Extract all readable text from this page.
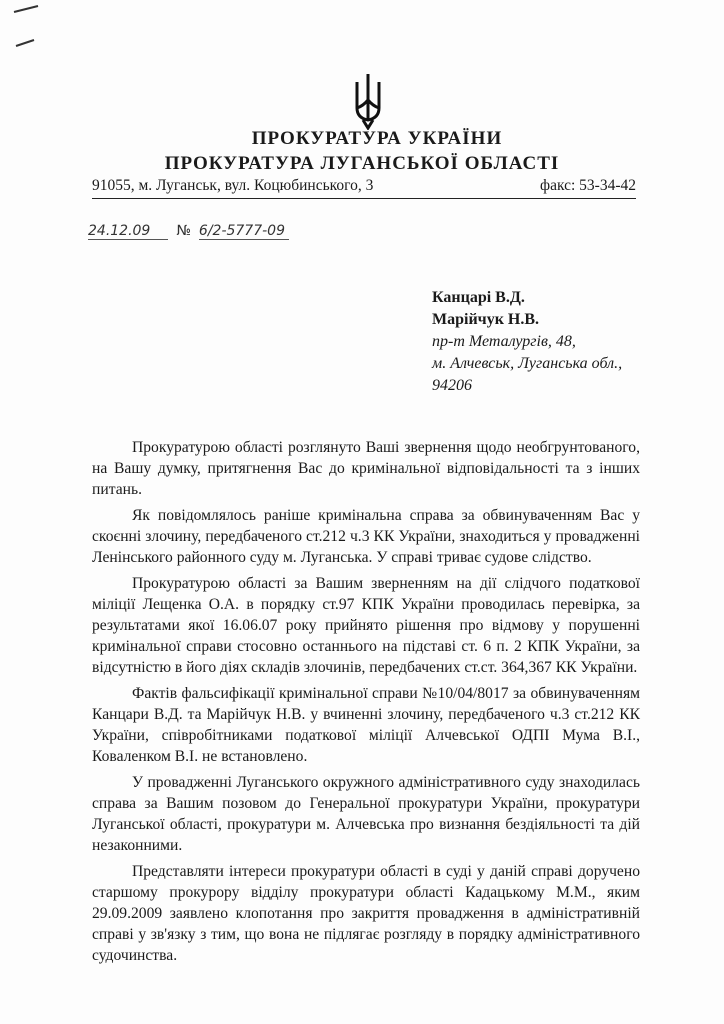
ПРОКУРАТУРА УКРАЇНИ
ПРОКУРАТУРА ЛУГАНСЬКОЇ ОБЛАСТІ
91055, м. Луганськ, вул. Коцюбинського, 3	факс: 53-34-42
24.12.09	№ 6/2-5777-09
Канцарі В.Д.
Марійчук Н.В.
пр-т Металургів, 48,
м. Алчевськ, Луганська обл.,
94206

Прокуратурою області розглянуто Ваші звернення щодо необгрунтованого, на Вашу думку, притягнення Вас до кримінальної відповідальності та з інших питань.

Як повідомлялось раніше кримінальна справа за обвинуваченням Вас у скоєнні злочину, передбаченого ст.212 ч.3 КК України, знаходиться у провадженні Ленінського районного суду м. Луганська. У справі триває судове слідство.

Прокуратурою області за Вашим зверненням на дії слідчого податкової міліції Лещенка О.А. в порядку ст.97 КПК України проводилась перевірка, за результатами якої 16.06.07 року прийнято рішення про відмову у порушенні кримінальної справи стосовно останнього на підставі ст. 6 п. 2 КПК України, за відсутністю в його діях складів злочинів, передбачених ст.ст. 364,367 КК України.

Фактів фальсифікації кримінальної справи №10/04/8017 за обвинуваченням Канцари В.Д. та Марійчук Н.В. у вчиненні злочину, передбаченого ч.3 ст.212 КК України, співробітниками податкової міліції Алчевської ОДПІ Мума В.І., Коваленком В.І. не встановлено.

У провадженні Луганського окружного адміністративного суду знаходилась справа за Вашим позовом до Генеральної прокуратури України, прокуратури Луганської області, прокуратури м. Алчевська про визнання бездіяльності та дій незаконними.

Представляти інтереси прокуратури області в суді у даній справі доручено старшому прокурору відділу прокуратури області Кадацькому М.М., яким 29.09.2009 заявлено клопотання про закриття провадження в адміністративній справі у зв'язку з тим, що вона не підлягає розгляду в порядку адміністративного судочинства.
